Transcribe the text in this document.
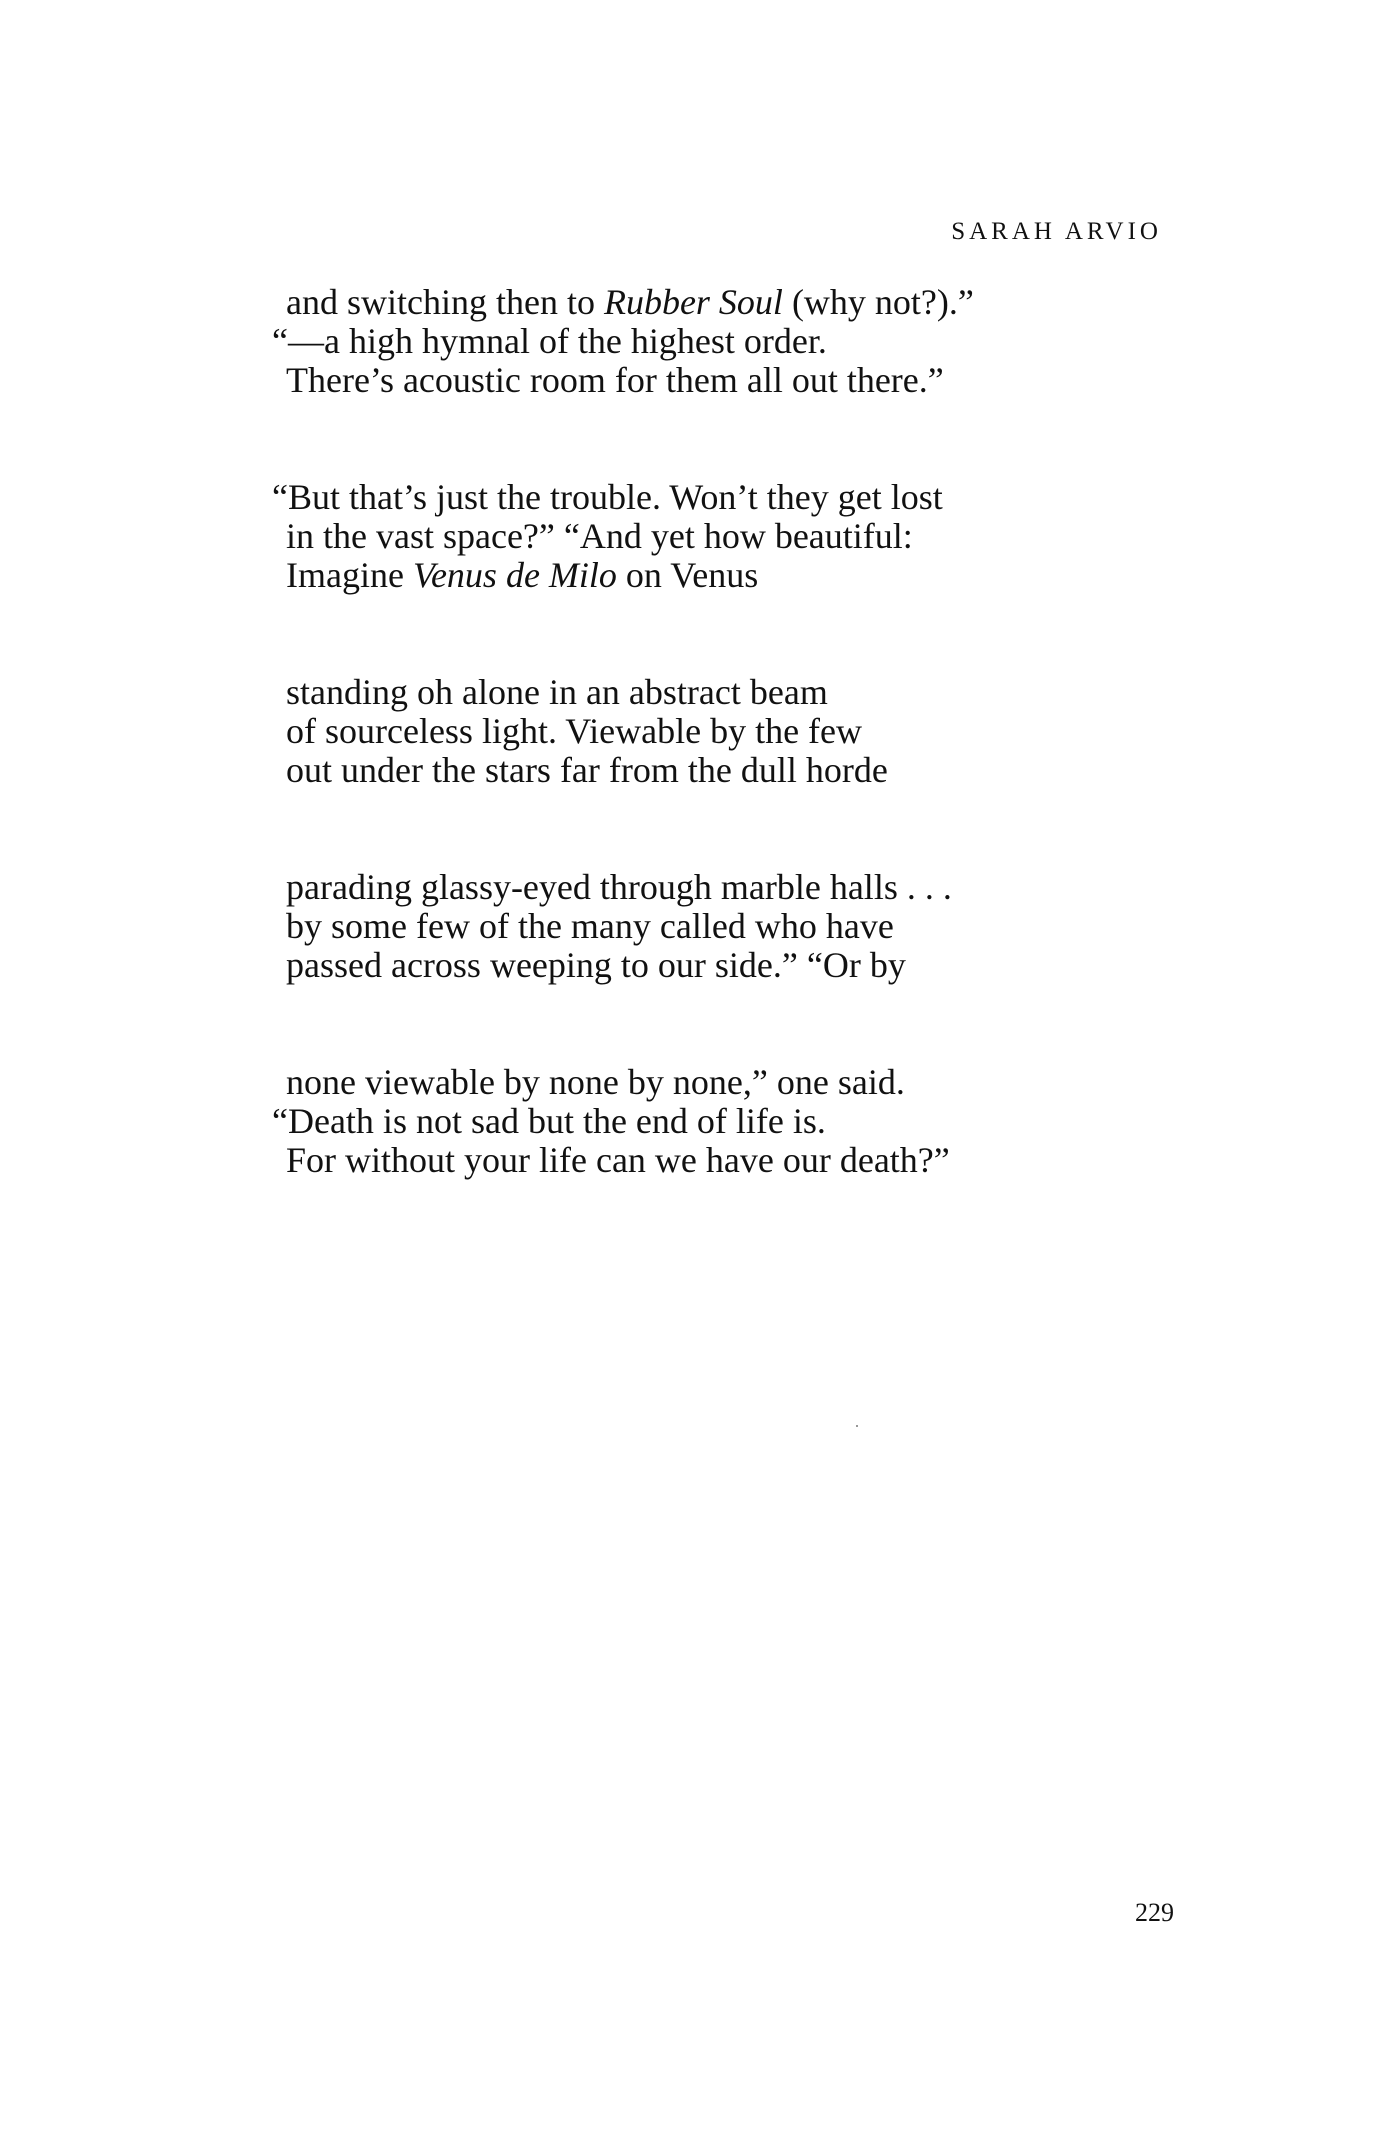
SARAH ARVIO
and switching then to Rubber Soul (why not?).”
“—a high hymnal of the highest order.
There’s acoustic room for them all out there.”
“But that’s just the trouble. Won’t they get lost
in the vast space?” “And yet how beautiful:
Imagine Venus de Milo on Venus
standing oh alone in an abstract beam
of sourceless light. Viewable by the few
out under the stars far from the dull horde
parading glassy-eyed through marble halls . . .
by some few of the many called who have
passed across weeping to our side.” “Or by
none viewable by none by none,” one said.
“Death is not sad but the end of life is.
For without your life can we have our death?”
229
